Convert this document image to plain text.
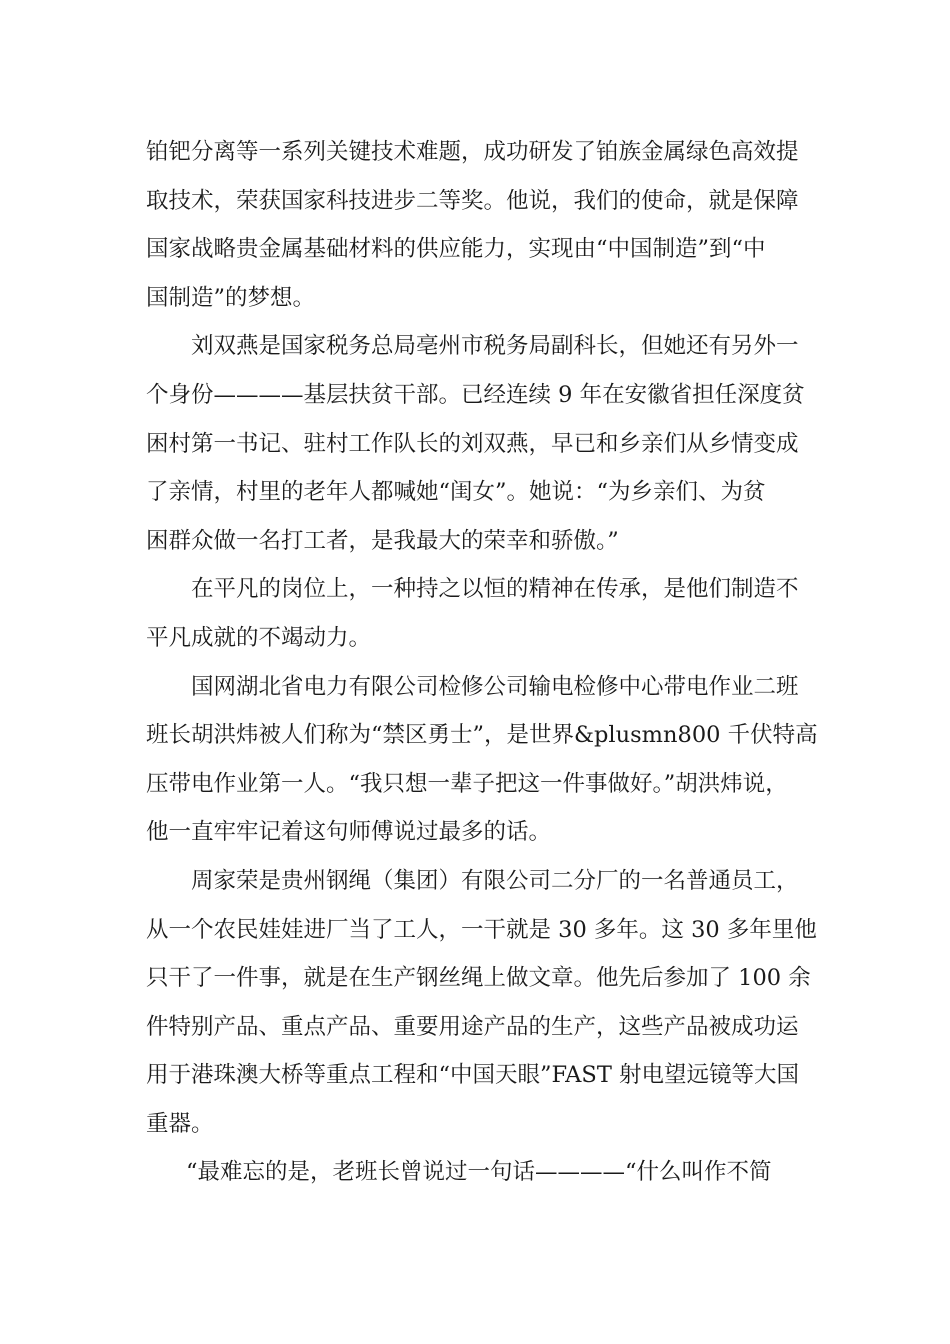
铂钯分离等一系列关键技术难题，成功研发了铂族金属绿色高效提
取技术，荣获国家科技进步二等奖。他说，我们的使命，就是保障
国家战略贵金属基础材料的供应能力，实现由“中国制造”到“中
国制造”的梦想。
刘双燕是国家税务总局亳州市税务局副科长，但她还有另外一
个身份————基层扶贫干部。已经连续 9 年在安徽省担任深度贫
困村第一书记、驻村工作队长的刘双燕，早已和乡亲们从乡情变成
了亲情，村里的老年人都喊她“闺女”。她说：“为乡亲们、为贫
困群众做一名打工者，是我最大的荣幸和骄傲。”
在平凡的岗位上，一种持之以恒的精神在传承，是他们制造不
平凡成就的不竭动力。
国网湖北省电力有限公司检修公司输电检修中心带电作业二班
班长胡洪炜被人们称为“禁区勇士”，是世界&plusmn800 千伏特高
压带电作业第一人。“我只想一辈子把这一件事做好。”胡洪炜说，
他一直牢牢记着这句师傅说过最多的话。
周家荣是贵州钢绳（集团）有限公司二分厂的一名普通员工，
从一个农民娃娃进厂当了工人，一干就是 30 多年。这 30 多年里他
只干了一件事，就是在生产钢丝绳上做文章。他先后参加了 100 余
件特别产品、重点产品、重要用途产品的生产，这些产品被成功运
用于港珠澳大桥等重点工程和“中国天眼”FAST 射电望远镜等大国
重器。
“最难忘的是，老班长曾说过一句话————“什么叫作不简
